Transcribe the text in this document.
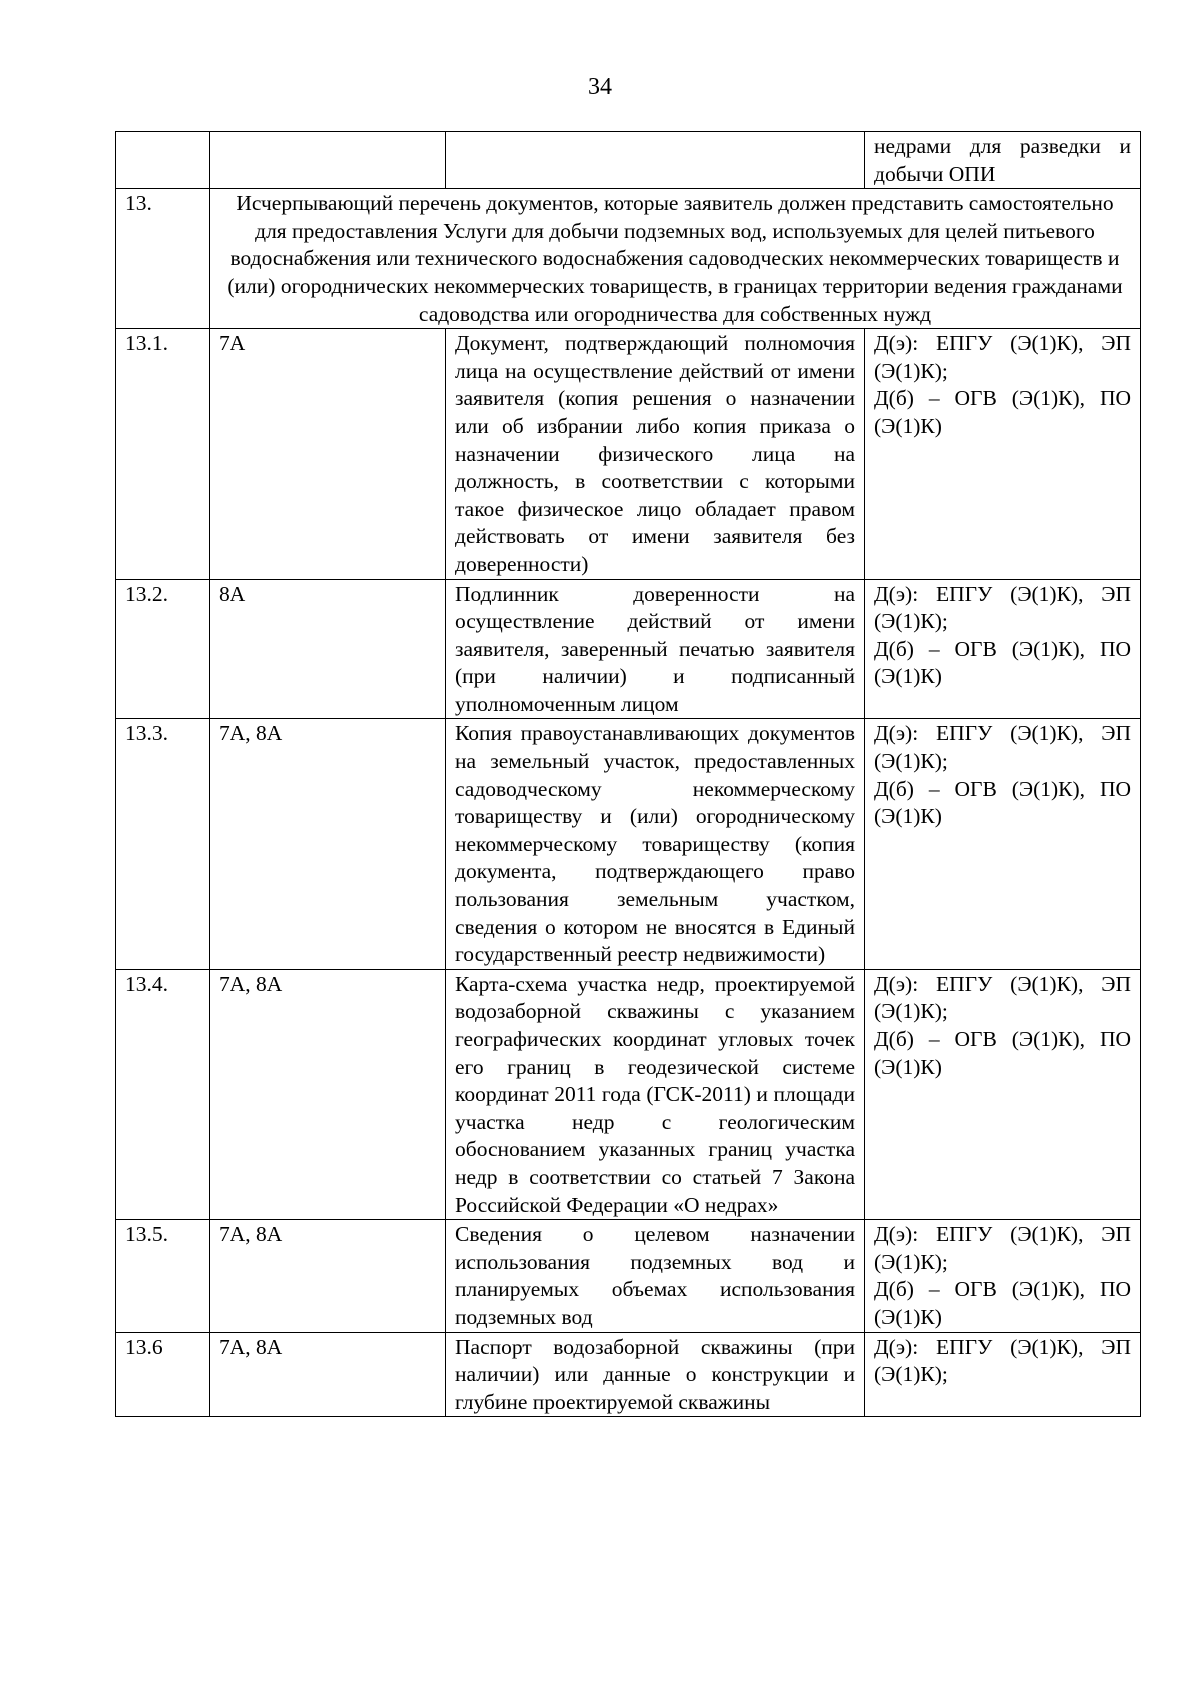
34
			недрами для разведки и добычи ОПИ
13.	Исчерпывающий перечень документов, которые заявитель должен представить самостоятельно для предоставления Услуги для добычи подземных вод, используемых для целей питьевого водоснабжения или технического водоснабжения садоводческих некоммерческих товариществ и (или) огороднических некоммерческих товариществ, в границах территории ведения гражданами садоводства или огородничества для собственных нужд		
13.1.	7А	Документ, подтверждающий полномочия лица на осуществление действий от имени заявителя (копия решения о назначении или об избрании либо копия приказа о назначении физического лица на должность, в соответствии с которыми такое физическое лицо обладает правом действовать от имени заявителя без доверенности)	Д(э): ЕПГУ (Э(1)К), ЭП (Э(1)К);
Д(б) – ОГВ (Э(1)К), ПО (Э(1)К)

13.2.	8А	Подлинник доверенности на осуществление действий от имени заявителя, заверенный печатью заявителя (при наличии) и подписанный уполномоченным лицом	Д(э): ЕПГУ (Э(1)К), ЭП (Э(1)К);
Д(б) – ОГВ (Э(1)К), ПО (Э(1)К)

13.3.	7А, 8А	Копия правоустанавливающих документов на земельный участок, предоставленных садоводческому некоммерческому товариществу и (или) огородническому некоммерческому товариществу (копия документа, подтверждающего право пользования земельным участком, сведения о котором не вносятся в Единый государственный реестр недвижимости)	Д(э): ЕПГУ (Э(1)К), ЭП (Э(1)К);
Д(б) – ОГВ (Э(1)К), ПО (Э(1)К)

13.4.	7А, 8А	Карта-схема участка недр, проектируемой водозаборной скважины с указанием географических координат угловых точек его границ в геодезической системе координат 2011 года (ГСК-2011) и площади участка недр с геологическим обоснованием указанных границ участка недр в соответствии со статьей 7 Закона Российской Федерации «О недрах»	Д(э): ЕПГУ (Э(1)К), ЭП (Э(1)К);
Д(б) – ОГВ (Э(1)К), ПО (Э(1)К)

13.5.	7А, 8А	Сведения о целевом назначении использования подземных вод и планируемых объемах использования подземных вод	Д(э): ЕПГУ (Э(1)К), ЭП (Э(1)К);
Д(б) – ОГВ (Э(1)К), ПО (Э(1)К)

13.6	7А, 8А	Паспорт водозаборной скважины (при наличии) или данные о конструкции и глубине проектируемой скважины	Д(э): ЕПГУ (Э(1)К), ЭП (Э(1)К);
